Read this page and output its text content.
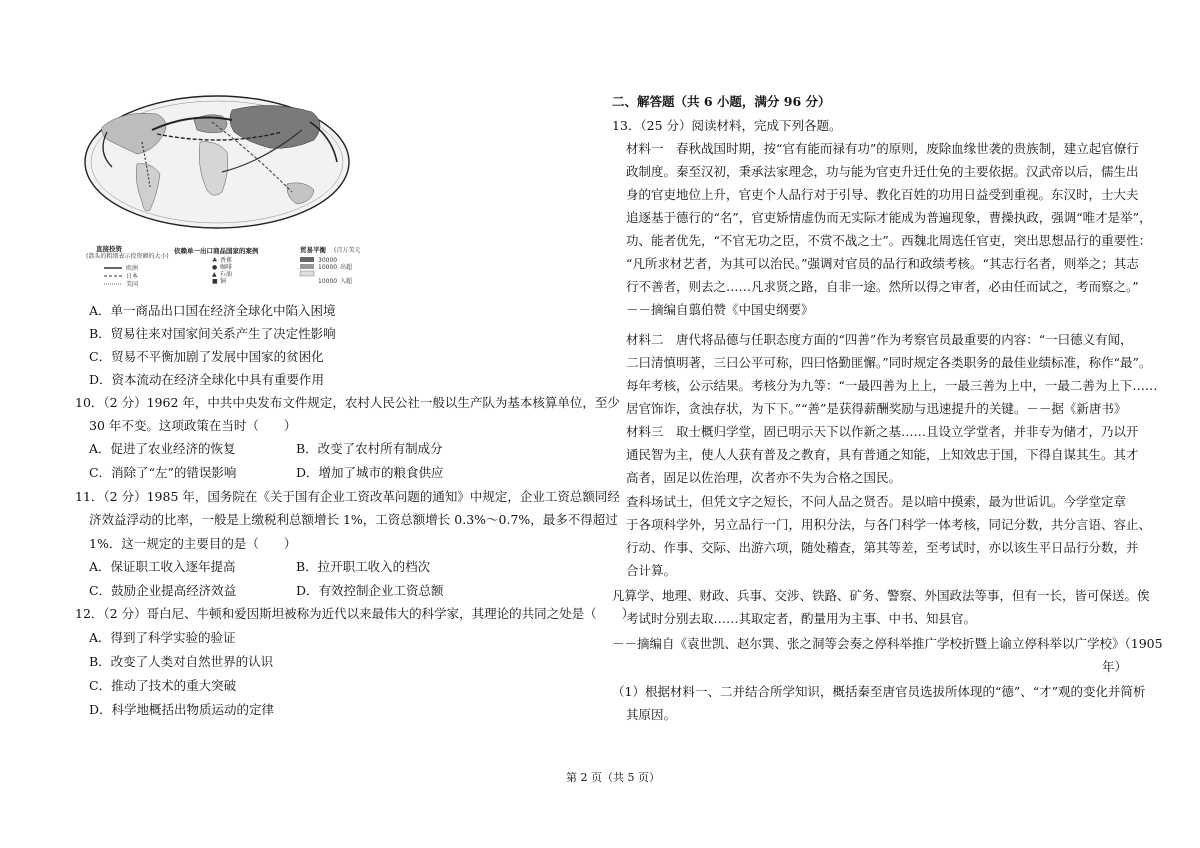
直接投资
(箭头的粗细表示投资额的大小)
欧洲
日本
美国
依赖单一出口商品国家的案例
♣ 香蕉
● 咖啡
▲ 石油
■ 铜
贸易平衡 (百万美元)
30000
10000 出超
10000 入超
A．单一商品出口国在经济全球化中陷入困境
B．贸易往来对国家间关系产生了决定性影响
C．贸易不平衡加剧了发展中国家的贫困化
D．资本流动在经济全球化中具有重要作用
10．（2 分）1962 年，中共中央发布文件规定，农村人民公社一般以生产队为基本核算单位，至少
30 年不变。这项政策在当时（　　）
A．促进了农业经济的恢复	B．改变了农村所有制成分
C．消除了“左”的错误影响	D．增加了城市的粮食供应
11．（2 分）1985 年，国务院在《关于国有企业工资改革问题的通知》中规定，企业工资总额同经
济效益浮动的比率，一般是上缴税利总额增长 1%，工资总额增长 0.3%～0.7%，最多不得超过
1%．这一规定的主要目的是（　　）
A．保证职工收入逐年提高	B．拉开职工收入的档次
C．鼓励企业提高经济效益	D．有效控制企业工资总额
12．（2 分）哥白尼、牛顿和爱因斯坦被称为近代以来最伟大的科学家，其理论的共同之处是（　　）
A．得到了科学实验的验证
B．改变了人类对自然世界的认识
C．推动了技术的重大突破
D．科学地概括出物质运动的定律
二、解答题（共 6 小题，满分 96 分）
13．（25 分）阅读材料，完成下列各题。
材料一　春秋战国时期，按“官有能而禄有功”的原则，废除血缘世袭的贵族制，建立起官僚行
政制度。秦至汉初，秉承法家理念，功与能为官吏升迁仕免的主要依据。汉武帝以后，儒生出
身的官吏地位上升，官吏个人品行对于引导、教化百姓的功用日益受到重视。东汉时，士大夫
追逐基于德行的“名”，官吏矫情虚伪而无实际才能成为普遍现象，曹操执政，强调“唯才是举”，
功、能者优先，“不官无功之臣，不赏不战之士”。西魏北周选任官吏，突出思想品行的重要性：
“凡所求材艺者，为其可以治民。”强调对官员的品行和政绩考核。“其志行名者，则举之；其志
行不善者，则去之……凡求贤之路，自非一途。然所以得之审者，必由任而试之，考而察之。”
－－摘编自翦伯赞《中国史纲要》
材料二　唐代将品德与任职态度方面的“四善”作为考察官员最重要的内容：“一曰德义有闻，
二曰清慎明著，三曰公平可称，四曰恪勤匪懈。”同时规定各类职务的最佳业绩标准，称作“最”。
每年考核，公示结果。考核分为九等：“一最四善为上上，一最三善为上中，一最二善为上下……
居官饰诈，贪浊存状，为下下。”“善”是获得薪酬奖励与迅速提升的关键。－－据《新唐书》
材料三　取士概归学堂，固已明示天下以作新之基……且设立学堂者，并非专为储才，乃以开
通民智为主，使人人获有普及之教育，具有普通之知能，上知效忠于国，下得自谋其生。其才
高者，固足以佐治理，次者亦不失为合格之国民。
查科场试士，但凭文字之短长，不问人品之贤否。是以暗中摸索，最为世诟讥。今学堂定章
于各项科学外，另立品行一门，用积分法，与各门科学一体考核，同记分数，共分言语、容止、
行动、作事、交际、出游六项，随处稽查，第其等差，至考试时，亦以该生平日品行分数，并
合计算。
凡算学、地理、财政、兵事、交涉、铁路、矿务、警察、外国政法等事，但有一长，皆可保送。俟
考试时分别去取……其取定者，酌量用为主事、中书、知县官。
－－摘编自《袁世凯、赵尔巽、张之洞等会奏之停科举推广学校折暨上谕立停科举以广学校》（1905
年）
（1）根据材料一、二并结合所学知识，概括秦至唐官员选拔所体现的“德”、“才”观的变化并简析
其原因。
第 2 页（共 5 页）
